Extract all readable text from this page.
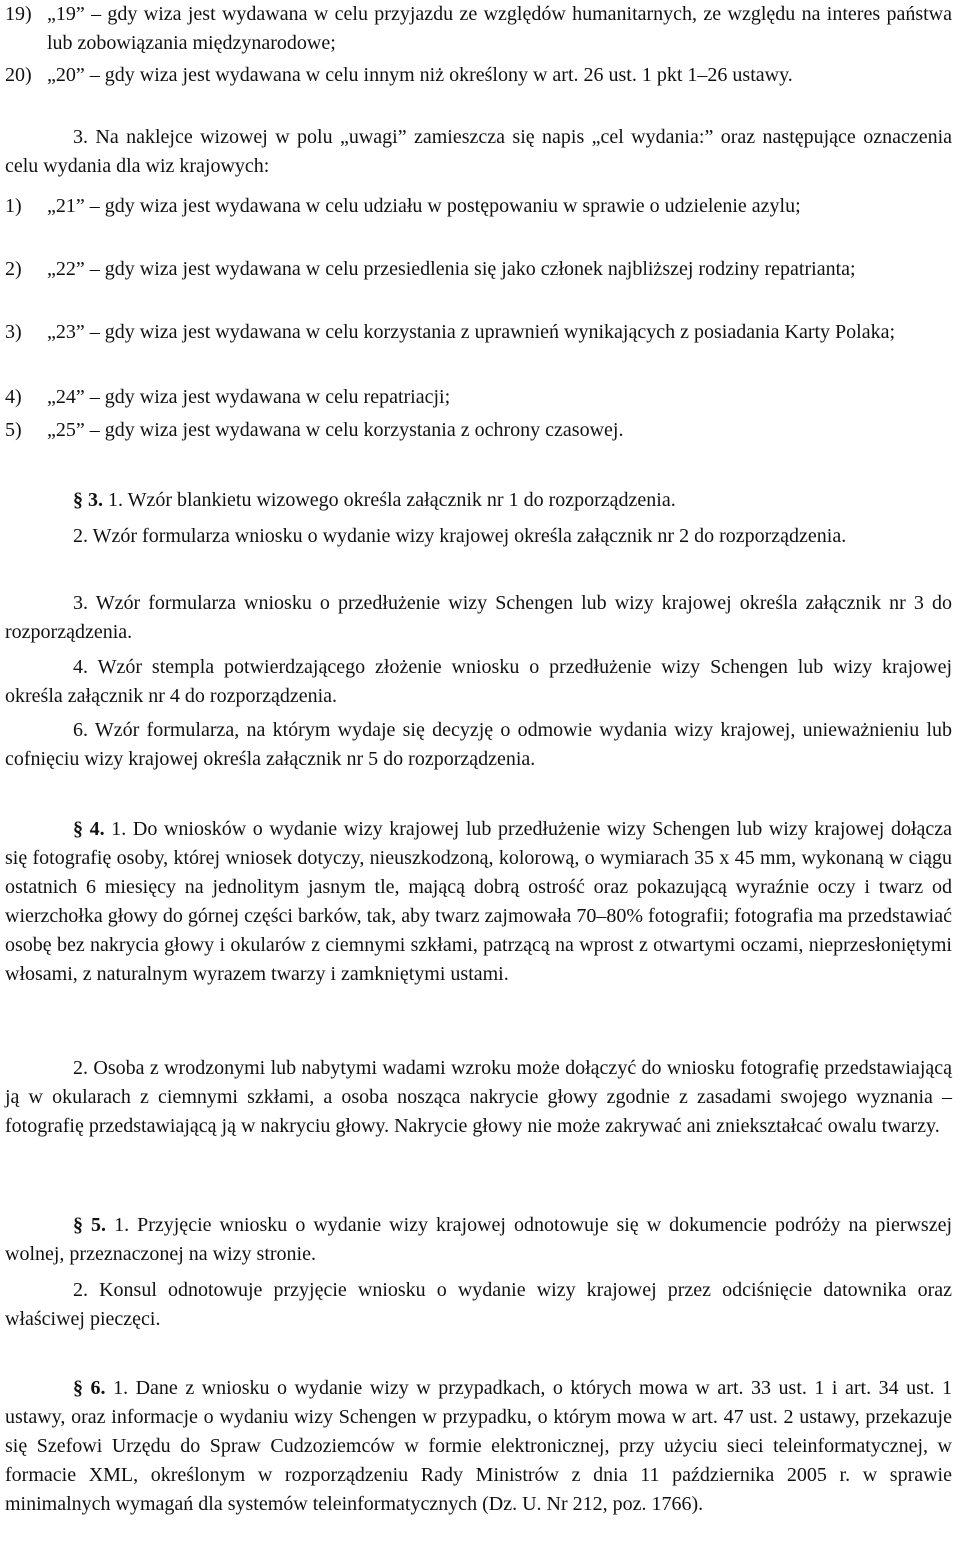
19) „19” – gdy wiza jest wydawana w celu przyjazdu ze względów humanitarnych, ze względu na interes państwa lub zobowiązania międzynarodowe;
20) „20” – gdy wiza jest wydawana w celu innym niż określony w art. 26 ust. 1 pkt 1–26 ustawy.

3. Na naklejce wizowej w polu „uwagi” zamieszcza się napis „cel wydania:” oraz następujące oznaczenia celu wydania dla wiz krajowych:

1)	„21” – gdy wiza jest wydawana w celu udziału w postępowaniu w sprawie o udzielenie azylu;
2)	„22” – gdy wiza jest wydawana w celu przesiedlenia się jako członek najbliższej rodziny repatrianta;
3)	„23” – gdy wiza jest wydawana w celu korzystania z uprawnień wynikających z posiadania Karty Polaka;
4)	„24” – gdy wiza jest wydawana w celu repatriacji;
5)	„25” – gdy wiza jest wydawana w celu korzystania z ochrony czasowej.

§ 3. 1. Wzór blankietu wizowego określa załącznik nr 1 do rozporządzenia.

2. Wzór formularza wniosku o wydanie wizy krajowej określa załącznik nr 2 do rozporządzenia.

3. Wzór formularza wniosku o przedłużenie wizy Schengen lub wizy krajowej określa załącznik nr 3 do rozporządzenia.

4. Wzór stempla potwierdzającego złożenie wniosku o przedłużenie wizy Schengen lub wizy krajowej określa załącznik nr 4 do rozporządzenia.

6. Wzór formularza, na którym wydaje się decyzję o odmowie wydania wizy krajowej, unieważnieniu lub cofnięciu wizy krajowej określa załącznik nr 5 do rozporządzenia.

§ 4. 1. Do wniosków o wydanie wizy krajowej lub przedłużenie wizy Schengen lub wizy krajowej dołącza się fotografię osoby, której wniosek dotyczy, nieuszkodzoną, kolorową, o wymiarach 35 x 45 mm, wykonaną w ciągu ostatnich 6 miesięcy na jednolitym jasnym tle, mającą dobrą ostrość oraz pokazującą wyraźnie oczy i twarz od wierzchołka głowy do górnej części barków, tak, aby twarz zajmowała 70–80% fotografii; fotografia ma przedstawiać osobę bez nakrycia głowy i okularów z ciemnymi szkłami, patrzącą na wprost z otwartymi oczami, nieprzesłoniętymi włosami, z naturalnym wyrazem twarzy i zamkniętymi ustami.

2. Osoba z wrodzonymi lub nabytymi wadami wzroku może dołączyć do wniosku fotografię przedstawiającą ją w okularach z ciemnymi szkłami, a osoba nosząca nakrycie głowy zgodnie z zasadami swojego wyznania – fotografię przedstawiającą ją w nakryciu głowy. Nakrycie głowy nie może zakrywać ani zniekształcać owalu twarzy.

§ 5. 1. Przyjęcie wniosku o wydanie wizy krajowej odnotowuje się w dokumencie podróży na pierwszej wolnej, przeznaczonej na wizy stronie.

2. Konsul odnotowuje przyjęcie wniosku o wydanie wizy krajowej przez odciśnięcie datownika oraz właściwej pieczęci.

§ 6. 1. Dane z wniosku o wydanie wizy w przypadkach, o których mowa w art. 33 ust. 1 i art. 34 ust. 1 ustawy, oraz informacje o wydaniu wizy Schengen w przypadku, o którym mowa w art. 47 ust. 2 ustawy, przekazuje się Szefowi Urzędu do Spraw Cudzoziemców w formie elektronicznej, przy użyciu sieci teleinformatycznej, w formacie XML, określonym w rozporządzeniu Rady Ministrów z dnia 11 października 2005 r. w sprawie minimalnych wymagań dla systemów teleinformatycznych (Dz. U. Nr 212, poz. 1766).
